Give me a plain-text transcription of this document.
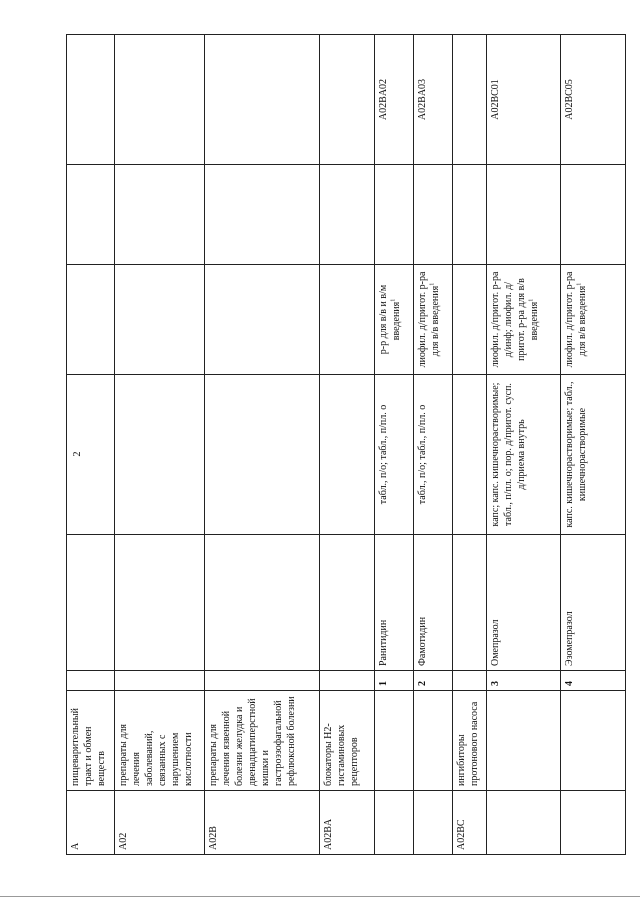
2
A	пищеварительный тракт и обмен веществ						
A02	препараты для лечения заболеваний, связанных с нарушением кислотности						
A02B	препараты для лечения язвенной болезни желудка и двенадцатиперстной кишки и гастроэзофагальной рефлюксной болезни						
A02BA	блокаторы Н2-гистаминовых рецепторов						
		1	Ранитидин	табл., п/о; табл., п/пл. о	р-р для в/в и в/м введения$^1$		A02BA02
		2	Фамотидин	табл., п/о; табл., п/пл. о	лиофил. д/пригот. р-ра для в/в введения$^1$		A02BA03
A02BC	ингибиторы протонового насоса						
		3	Омепразол	капс; капс. кишечнорастворимые; табл., п/пл. о; пор. д/пригот. сусп. д/приема внутрь	лиофил. д/пригот. р-ра д/инф; лиофил. д/пригот. р-ра для в/в введения$^1$		A02BC01
		4	Эзомепразол	капс. кишечнорастворимые; табл., кишечнорастворимые	лиофил. д/пригот. р-ра для в/в введения$^1$		A02BC05
